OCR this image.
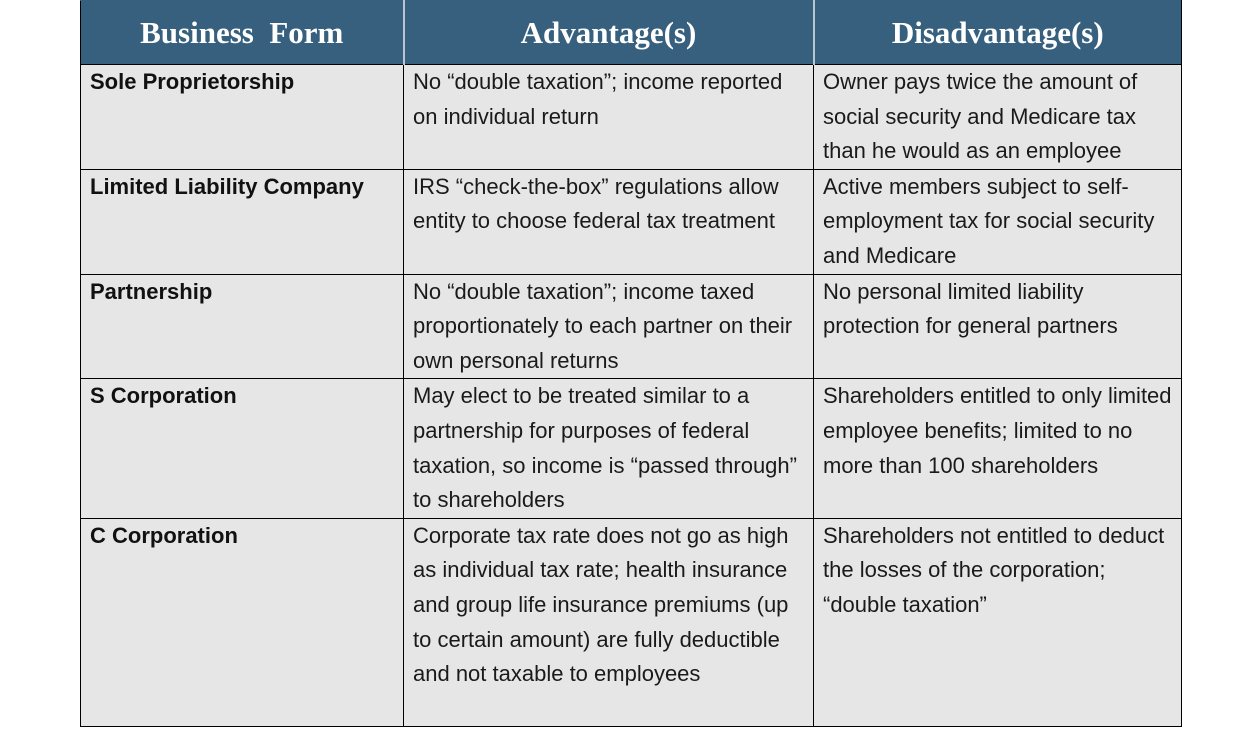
Business  Form	Advantage(s)	Disadvantage(s)
Sole Proprietorship	No “double taxation”; income reported on individual return	Owner pays twice the amount of social security and Medicare tax than he would as an employee
Limited Liability Company	IRS “check-the-box” regulations allow entity to choose federal tax treatment	Active members subject to self-employment tax for social security and Medicare
Partnership	No “double taxation”; income taxed proportionately to each partner on their own personal returns	No personal limited liability protection for general partners
S Corporation	May elect to be treated similar to a partnership for purposes of federal taxation, so income is “passed through” to shareholders	Shareholders entitled to only limited employee benefits; limited to no more than 100 shareholders
C Corporation	Corporate tax rate does not go as high as individual tax rate; health insurance and group life insurance premiums (up to certain amount) are fully deductible and not taxable to employees	Shareholders not entitled to deduct the losses of the corporation; “double taxation”
